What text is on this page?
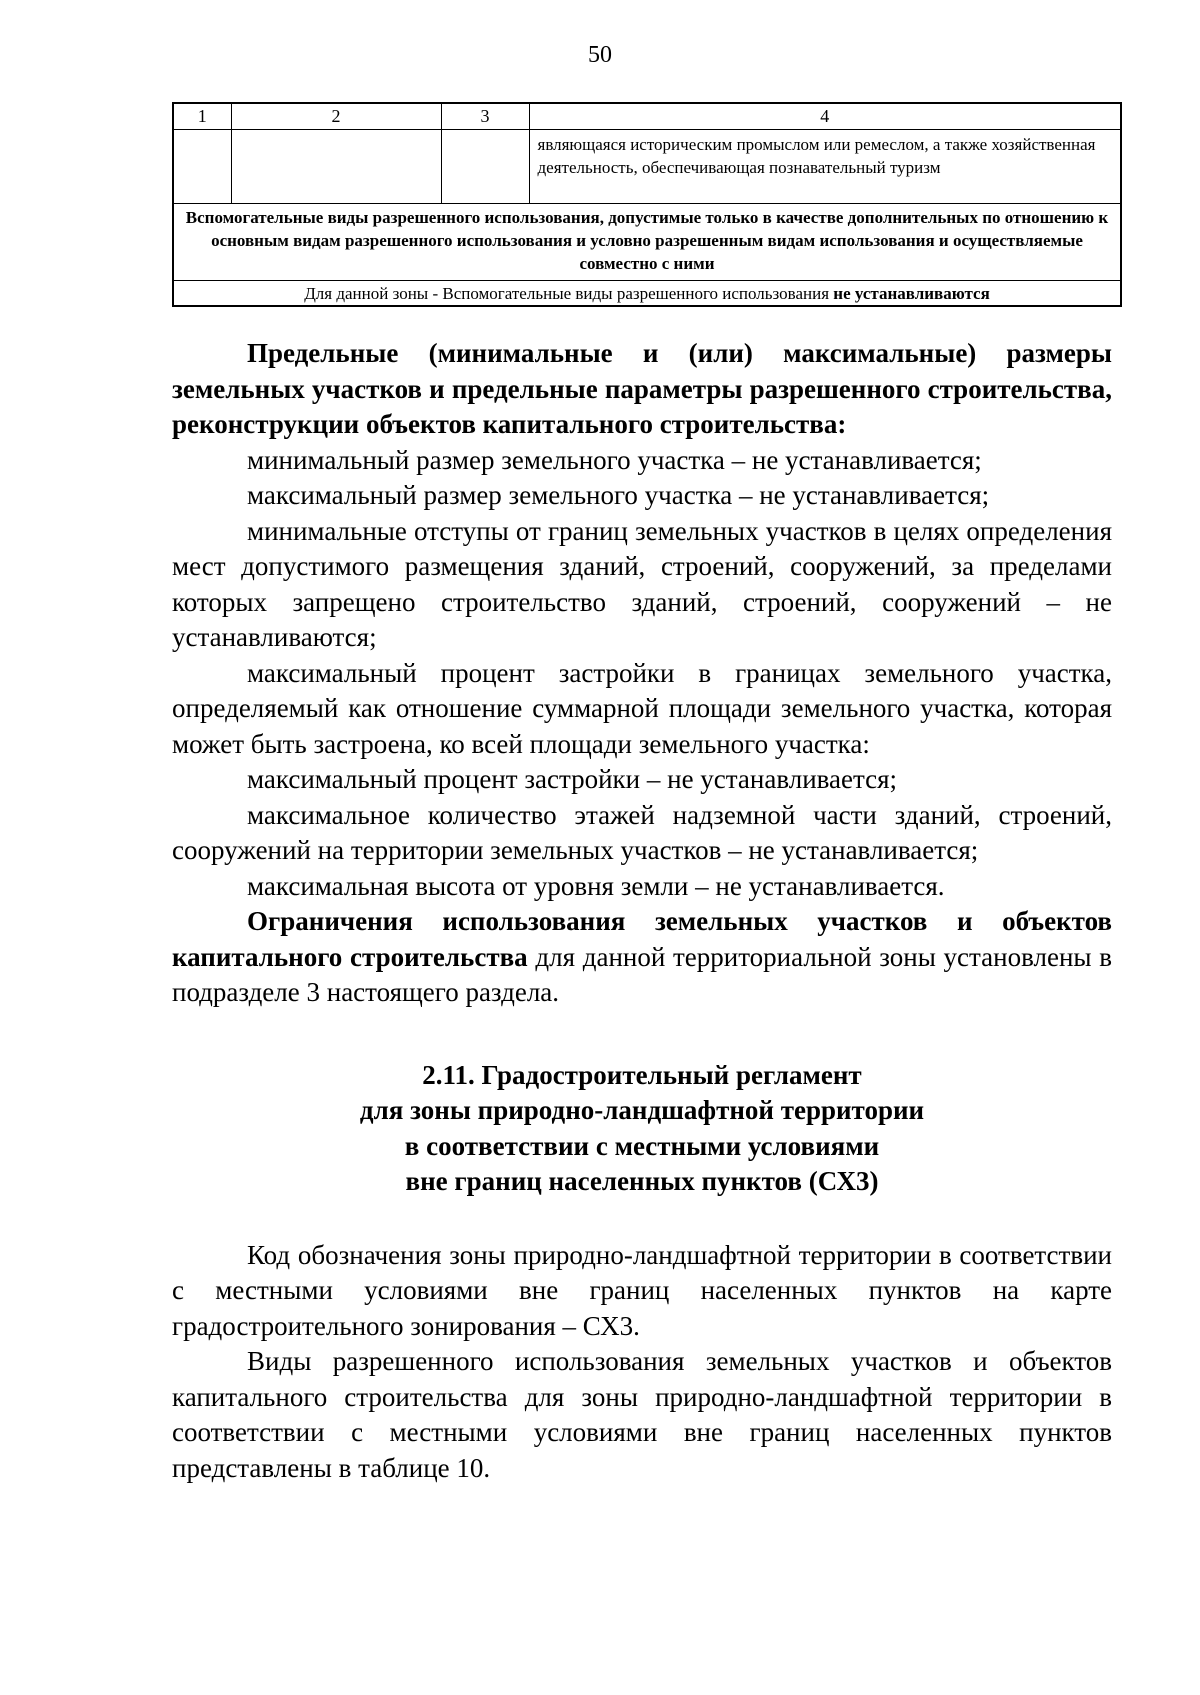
50
1	2	3	4
			являющаяся историческим промыслом или ремеслом, а также хозяйственная деятельность, обеспечивающая познавательный туризм
Вспомогательные виды разрешенного использования, допустимые только в качестве дополнительных по отношению к основным видам разрешенного использования и условно разрешенным видам использования и осуществляемые совместно с ними			
Для данной зоны - Вспомогательные виды разрешенного использования не устанавливаются			

Предельные (минимальные и (или) максимальные) размеры земельных участков и предельные параметры разрешенного строительства, реконструкции объектов капитального строительства:

минимальный размер земельного участка – не устанавливается;

максимальный размер земельного участка – не устанавливается;

минимальные отступы от границ земельных участков в целях определения мест допустимого размещения зданий, строений, сооружений, за пределами которых запрещено строительство зданий, строений, сооружений – не устанавливаются;

максимальный процент застройки в границах земельного участка, определяемый как отношение суммарной площади земельного участка, которая может быть застроена, ко всей площади земельного участка:

максимальный процент застройки – не устанавливается;

максимальное количество этажей надземной части зданий, строений, сооружений на территории земельных участков – не устанавливается;

максимальная высота от уровня земли – не устанавливается.

Ограничения использования земельных участков и объектов капитального строительства для данной территориальной зоны установлены в подразделе 3 настоящего раздела.

2.11. Градостроительный регламент
для зоны природно-ландшафтной территории
в соответствии с местными условиями
вне границ населенных пунктов (СХ3)

Код обозначения зоны природно-ландшафтной территории в соответствии с местными условиями вне границ населенных пунктов на карте градостроительного зонирования – СХ3.

Виды разрешенного использования земельных участков и объектов капитального строительства для зоны природно-ландшафтной территории в соответствии с местными условиями вне границ населенных пунктов представлены в таблице 10.
